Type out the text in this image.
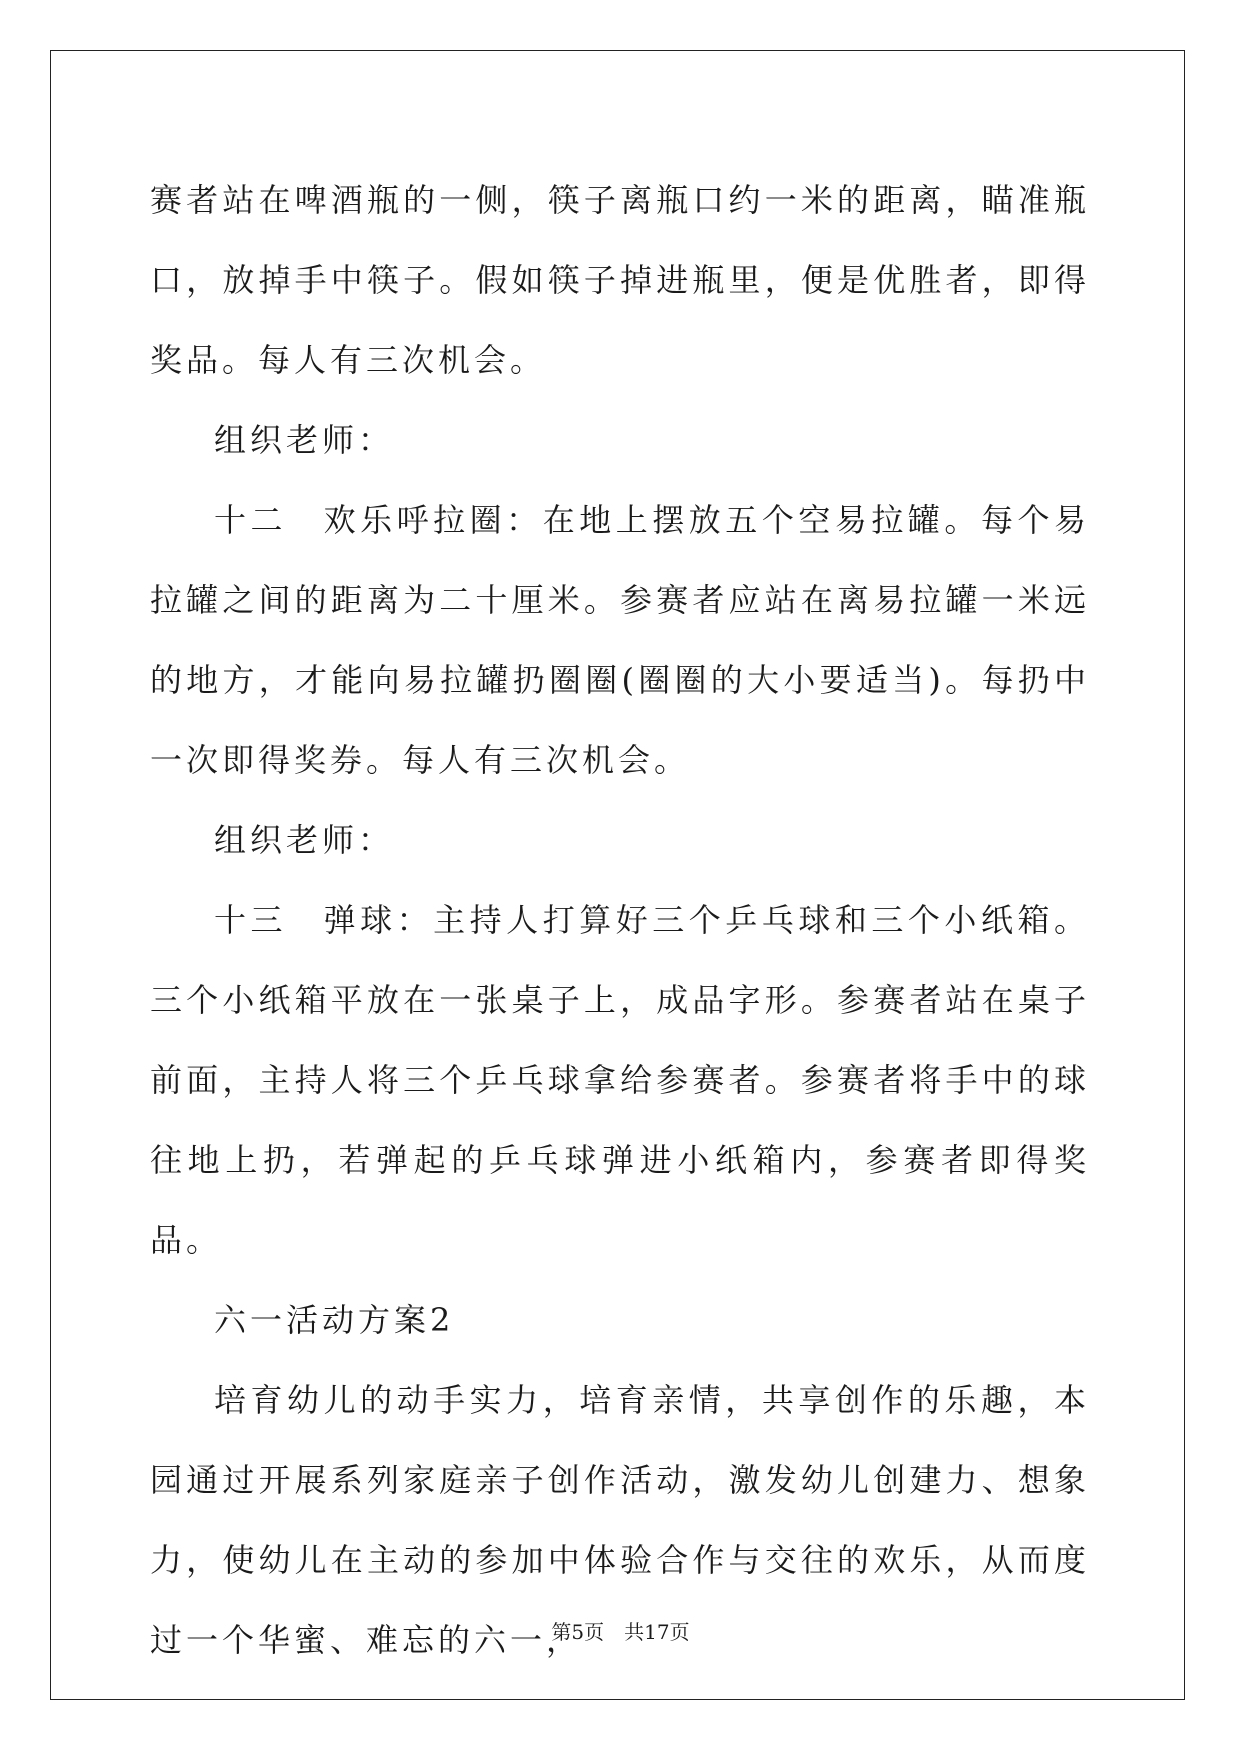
赛者站在啤酒瓶的一侧，筷子离瓶口约一米的距离，瞄准瓶口，放掉手中筷子。假如筷子掉进瓶里，便是优胜者，即得奖品。每人有三次机会。

组织老师：

十二　欢乐呼拉圈：在地上摆放五个空易拉罐。每个易拉罐之间的距离为二十厘米。参赛者应站在离易拉罐一米远的地方，才能向易拉罐扔圈圈(圈圈的大小要适当)。每扔中一次即得奖券。每人有三次机会。

组织老师：

十三　弹球：主持人打算好三个乒乓球和三个小纸箱。三个小纸箱平放在一张桌子上，成品字形。参赛者站在桌子前面，主持人将三个乒乓球拿给参赛者。参赛者将手中的球往地上扔，若弹起的乒乓球弹进小纸箱内，参赛者即得奖品。

六一活动方案2

培育幼儿的动手实力，培育亲情，共享创作的乐趣，本园通过开展系列家庭亲子创作活动，激发幼儿创建力、想象力，使幼儿在主动的参加中体验合作与交往的欢乐，从而度过一个华蜜、难忘的六一，

第5页　共17页
